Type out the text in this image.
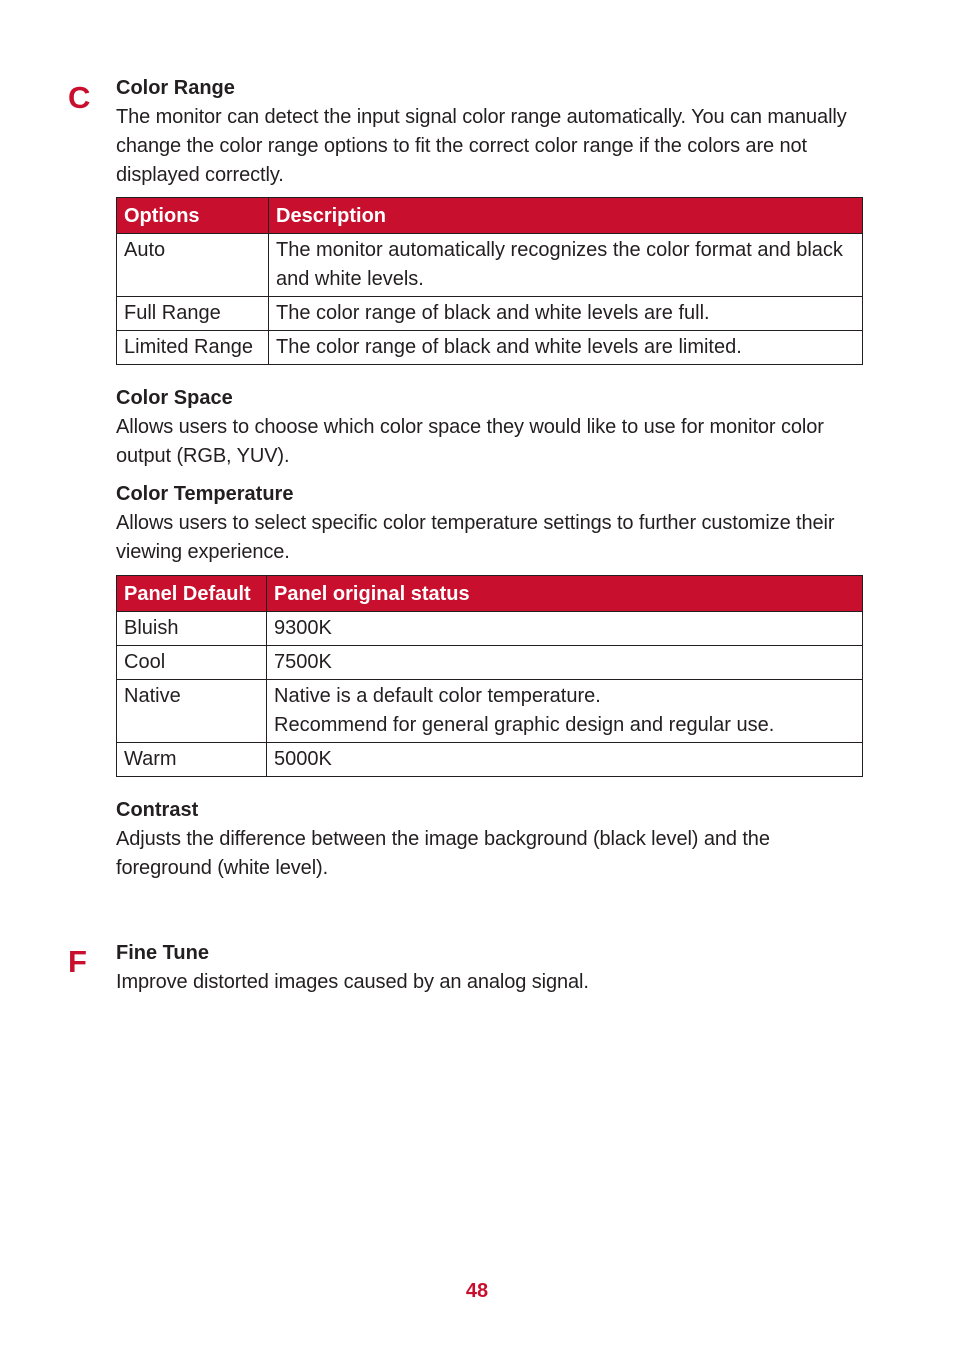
C Color Range

The monitor can detect the input signal color range automatically. You can manually change the color range options to fit the correct color range if the colors are not displayed correctly.

Options	Description
Auto	The monitor automatically recognizes the color format and black and white levels.
Full Range	The color range of black and white levels are full.
Limited Range	The color range of black and white levels are limited.
Color Space

Allows users to choose which color space they would like to use for monitor color output (RGB, YUV).

Color Temperature

Allows users to select specific color temperature settings to further customize their viewing experience.

Panel Default	Panel original status
Bluish	9300K
Cool	7500K
Native	Native is a default color temperature.
Recommend for general graphic design and regular use.
Warm	5000K
Contrast

Adjusts the difference between the image background (black level) and the foreground (white level).

F Fine Tune

Improve distorted images caused by an analog signal.

48
